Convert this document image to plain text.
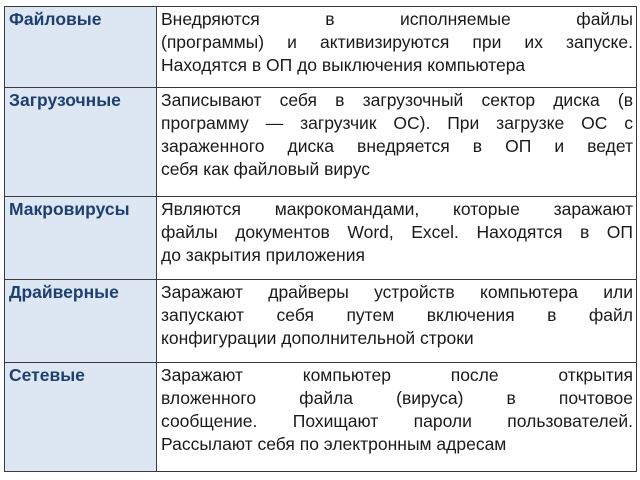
Файловые	Внедряются в исполняемые файлы
(программы) и активизируются при их запуске.
Находятся в ОП до выключения компьютера

Загрузочные	Записывают себя в загрузочный сектор диска (в
программу — загрузчик ОС). При загрузке ОС с
зараженного диска внедряется в ОП и ведет
себя как файловый вирус

Макровирусы	Являются макрокомандами, которые заражают
файлы документов Word, Excel. Находятся в ОП
до закрытия приложения

Драйверные	Заражают драйверы устройств компьютера или
запускают себя путем включения в файл
конфигурации дополнительной строки

Сетевые	Заражают компьютер после открытия
вложенного файла (вируса) в почтовое
сообщение. Похищают пароли пользователей.
Рассылают себя по электронным адресам
